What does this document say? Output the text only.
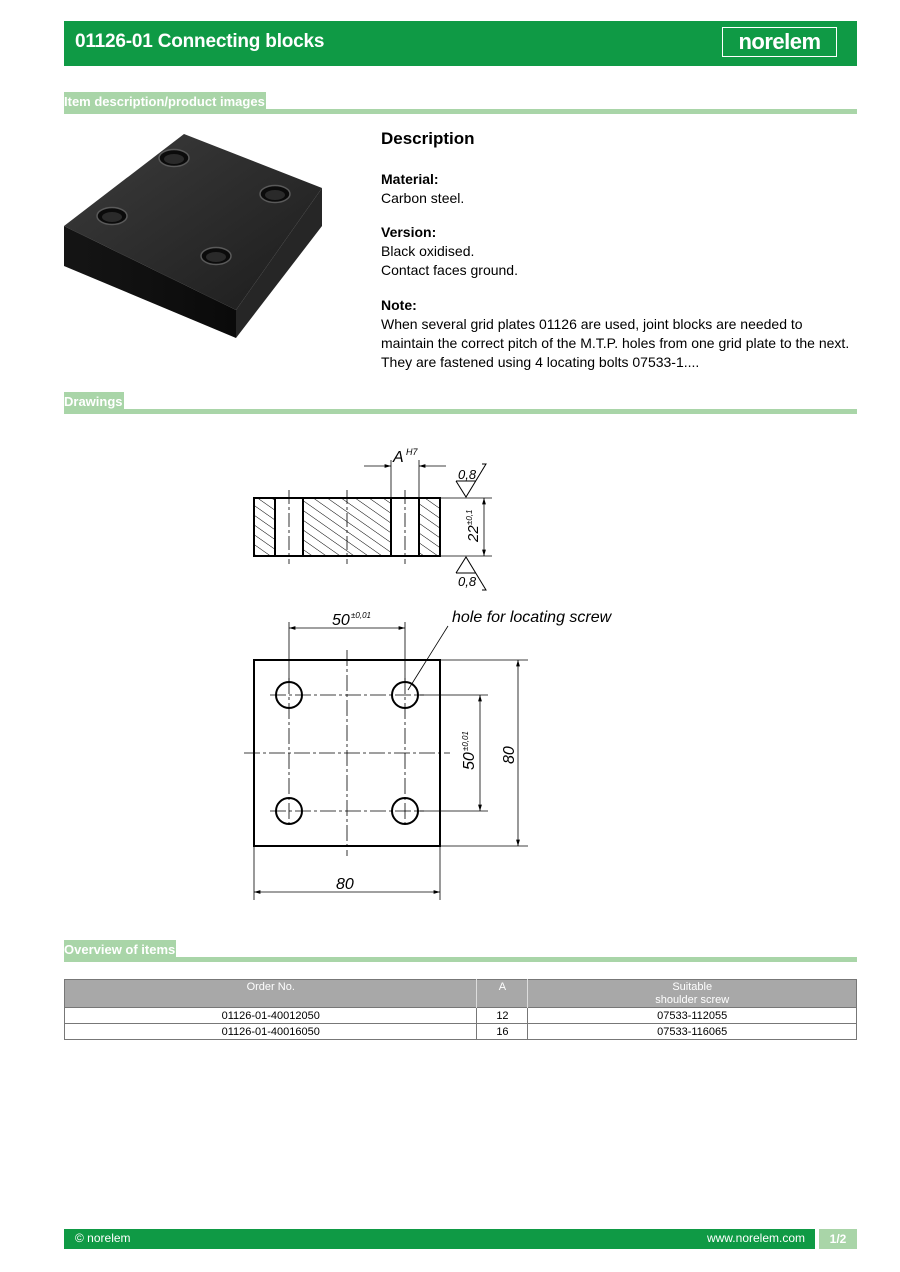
01126-01 Connecting blocks	norelem
Item description/product images
Description
Material:
Carbon steel.
Version:
Black oxidised.
Contact faces ground.
Note:
When several grid plates 01126 are used, joint blocks are needed to maintain the correct pitch of the M.T.P. holes from one grid plate to the next. They are fastened using 4 locating bolts 07533-1....
Drawings
A H7
0,8
0,8
22
±0,1
50 ±0,01	hole for locating screw
50
±0,01
80
80
Overview of items
Order No.	A	Suitable
shoulder screw

01126-01-40012050	12	07533-112055
01126-01-40016050	16	07533-116065
© norelem	www.norelem.com	1/2
